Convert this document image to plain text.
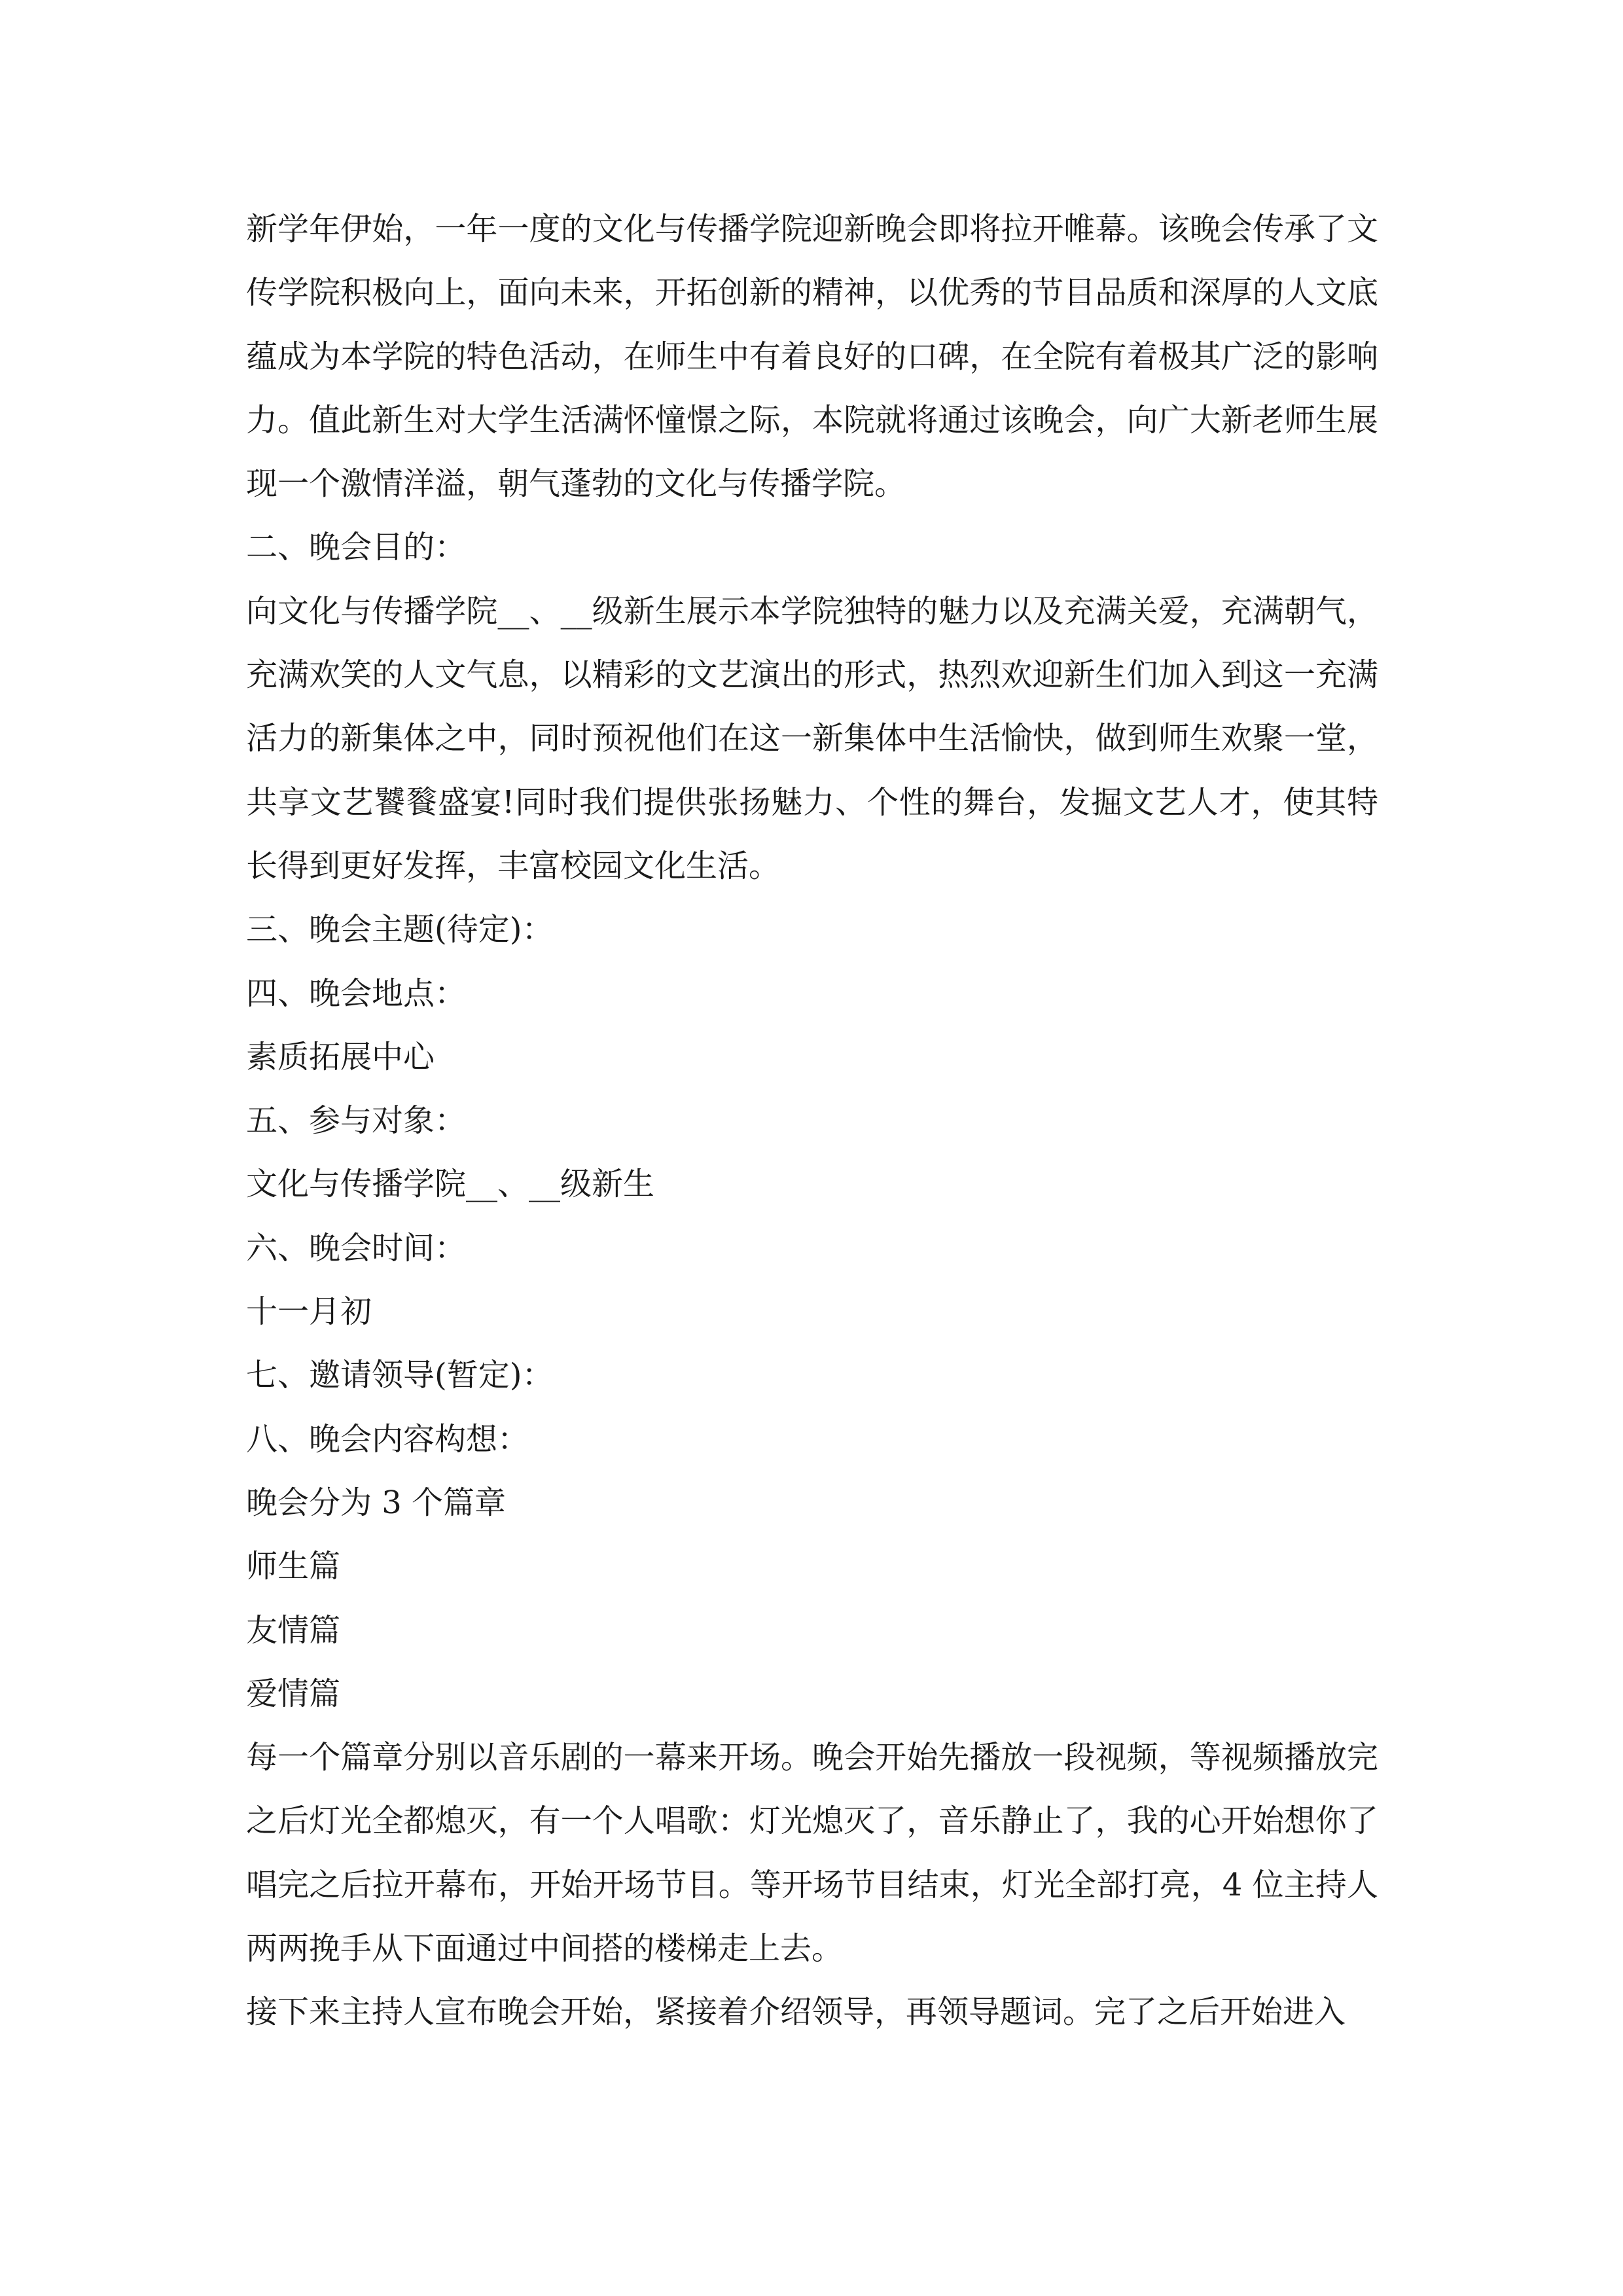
新学年伊始，一年一度的文化与传播学院迎新晚会即将拉开帷幕。该晚会传承了文传学院积极向上，面向未来，开拓创新的精神，以优秀的节目品质和深厚的人文底蕴成为本学院的特色活动，在师生中有着良好的口碑，在全院有着极其广泛的影响力。值此新生对大学生活满怀憧憬之际，本院就将通过该晚会，向广大新老师生展现一个激情洋溢，朝气蓬勃的文化与传播学院。

二、晚会目的：

向文化与传播学院__、__级新生展示本学院独特的魅力以及充满关爱，充满朝气，充满欢笑的人文气息，以精彩的文艺演出的形式，热烈欢迎新生们加入到这一充满活力的新集体之中，同时预祝他们在这一新集体中生活愉快，做到师生欢聚一堂，共享文艺饕餮盛宴!同时我们提供张扬魅力、个性的舞台，发掘文艺人才，使其特长得到更好发挥，丰富校园文化生活。

三、晚会主题(待定)：

四、晚会地点：

素质拓展中心

五、参与对象：

文化与传播学院__、__级新生

六、晚会时间：

十一月初

七、邀请领导(暂定)：

八、晚会内容构想：

晚会分为 3 个篇章

师生篇

友情篇

爱情篇

每一个篇章分别以音乐剧的一幕来开场。晚会开始先播放一段视频，等视频播放完之后灯光全都熄灭，有一个人唱歌：灯光熄灭了，音乐静止了，我的心开始想你了唱完之后拉开幕布，开始开场节目。等开场节目结束，灯光全部打亮，4 位主持人两两挽手从下面通过中间搭的楼梯走上去。

接下来主持人宣布晚会开始，紧接着介绍领导，再领导题词。完了之后开始进入
